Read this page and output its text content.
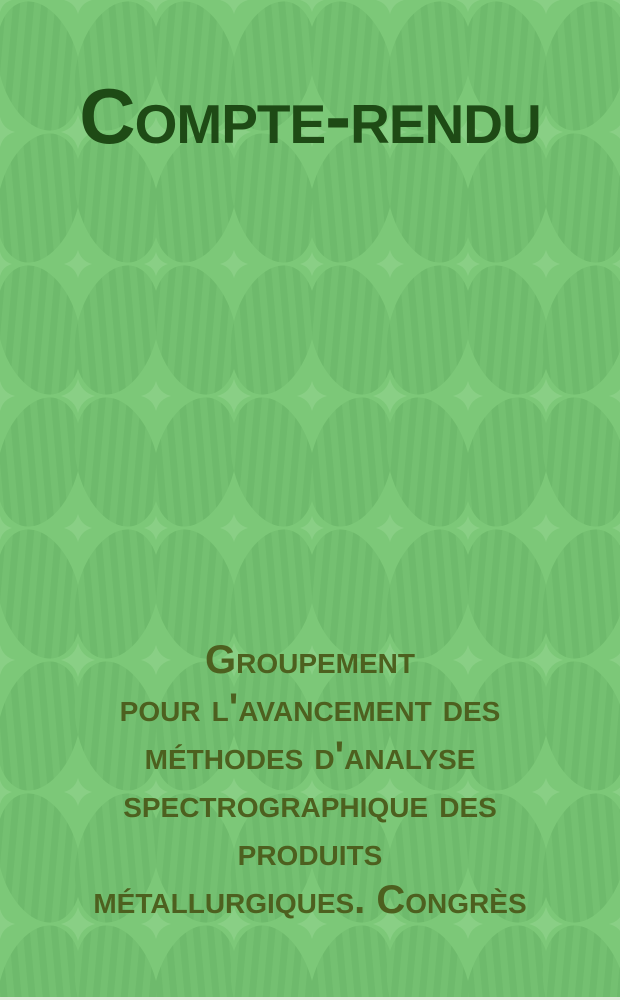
Compte-rendu
Groupement
pour l'avancement des
méthodes d'analyse
spectrographique des
produits
métallurgiques. Congrès
